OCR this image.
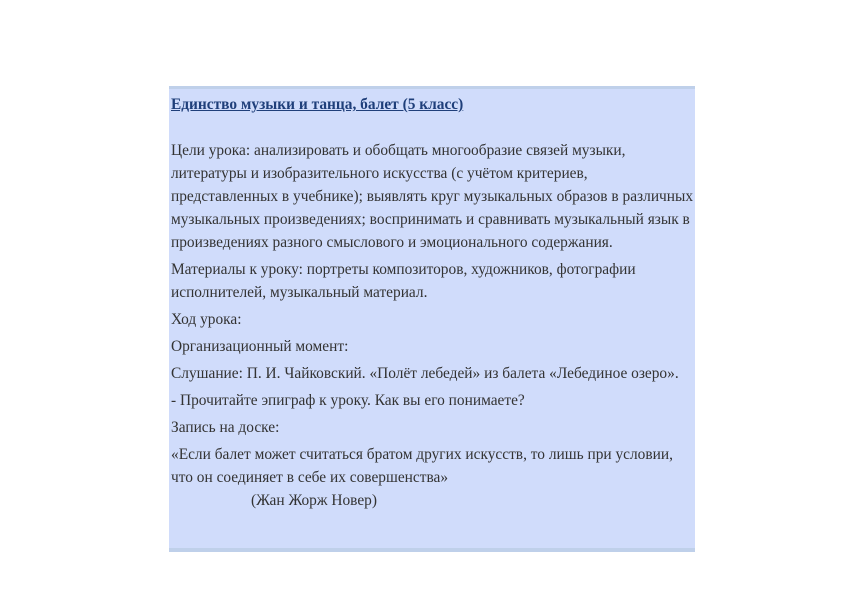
Единство музыки и танца, балет (5 класс)

Цели урока: анализировать и обобщать многообразие связей музыки, литературы и изобразительного искусства (с учётом критериев, представленных в учебнике); выявлять круг музыкальных образов в различных музыкальных произведениях; воспринимать и сравнивать музыкальный язык в произведениях разного смыслового и эмоционального содержания.

Материалы к уроку: портреты композиторов, художников, фотографии исполнителей, музыкальный материал.

Ход урока:

Организационный момент:

Слушание: П. И. Чайковский. «Полёт лебедей» из балета «Лебединое озеро».

- Прочитайте эпиграф к уроку. Как вы его понимаете?

Запись на доске:

«Если балет может считаться братом других искусств, то лишь при условии, что он соединяет в себе их совершенства»

(Жан Жорж Новер)
